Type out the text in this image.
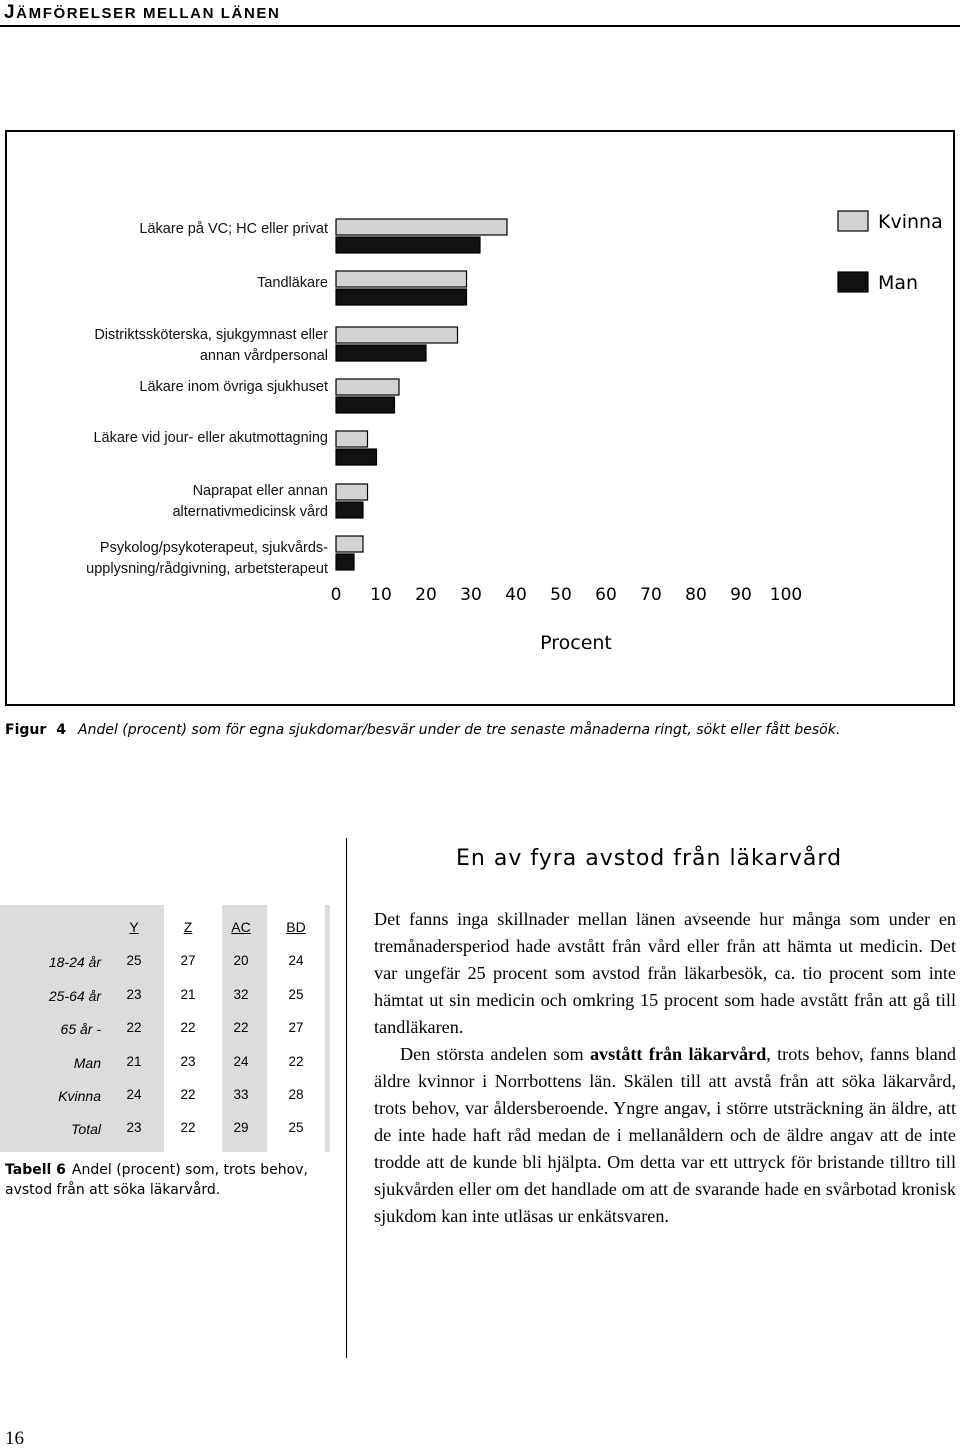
JÄMFÖRELSER MELLAN LÄNEN
Läkare på VC; HC eller privat
Tandläkare
Distriktssköterska, sjukgymnast eller
annan vårdpersonal
Läkare inom övriga sjukhuset
Läkare vid jour- eller akutmottagning
Naprapat eller annan
alternativmedicinsk vård
Psykolog/psykoterapeut, sjukvårds-
upplysning/rådgivning, arbetsterapeut
0 10 20 30 40 50 60 70 80 90 100
Procent
Kvinna
Man
Figur 4 Andel (procent) som för egna sjukdomar/besvär under de tre senaste månaderna ringt, sökt eller fått besök.
Y	Z	AC	BD
18-24 år	25	27	20	24
25-64 år	23	21	32	25
65 år -	22	22	22	27
Man	21	23	24	22
Kvinna	24	22	33	28
Total	23	22	29	25
Tabell 6 Andel (procent) som, trots behov, avstod från att söka läkarvård.
En av fyra avstod från läkarvård

Det fanns inga skillnader mellan länen avseende hur många som under en tremånadersperiod hade avstått från vård eller från att hämta ut medicin. Det var ungefär 25 procent som avstod från läkarbesök, ca. tio procent som inte hämtat ut sin medicin och omkring 15 procent som hade avstått från att gå till tandläkaren.

Den största andelen som avstått från läkarvård, trots behov, fanns bland äldre kvinnor i Norrbottens län. Skälen till att avstå från att söka läkarvård, trots behov, var åldersberoende. Yngre angav, i större utsträckning än äldre, att de inte hade haft råd medan de i mellanåldern och de äldre angav att de inte trodde att de kunde bli hjälpta. Om detta var ett uttryck för bristande tilltro till sjukvården eller om det handlade om att de svarande hade en svårbotad kronisk sjukdom kan inte utläsas ur enkätsvaren.

16
